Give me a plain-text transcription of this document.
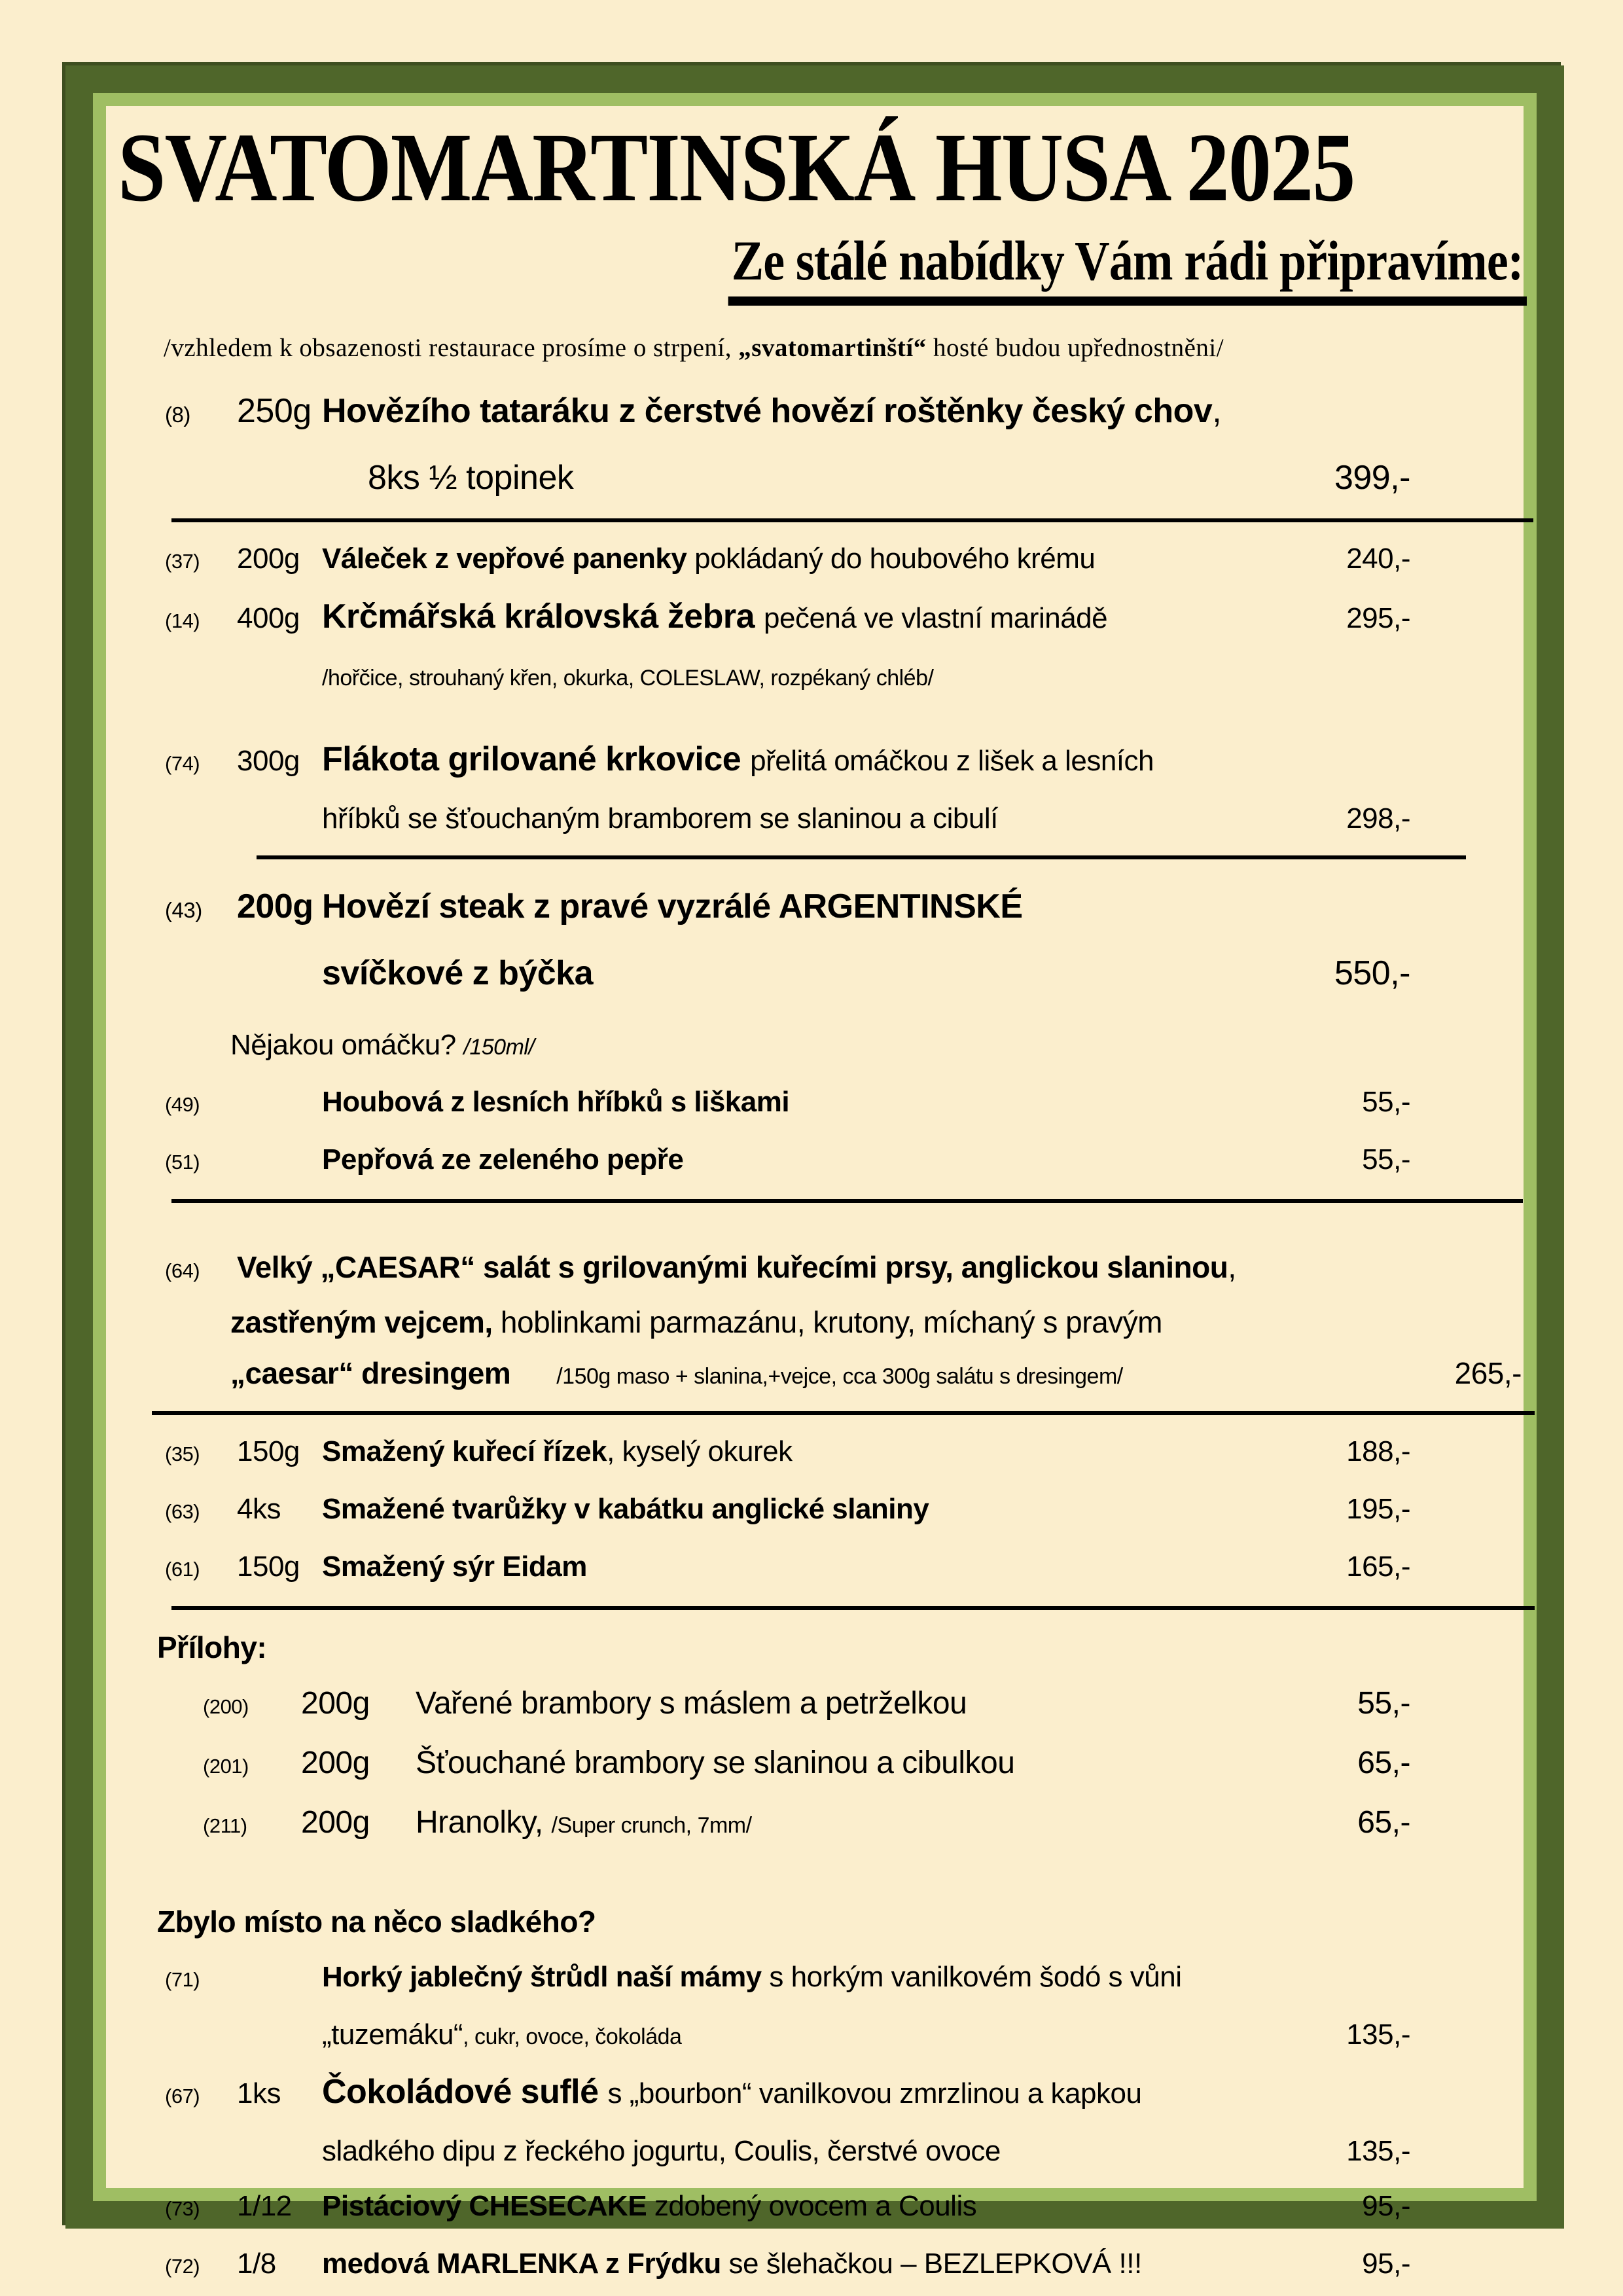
SVATOMARTINSKÁ HUSA 2025
Ze stálé nabídky Vám rádi připravíme:
/vzhledem k obsazenosti restaurace prosíme o strpení, „svatomartinští“ hosté budou upřednostněni/
(8)	250g Hovězího tataráku z čerstvé hovězí roštěnky český chov,
8ks ½ topinek	399,-
(37)	200g Váleček z vepřové panenky pokládaný do houbového krému	240,-
(14)	400g Krčmářská královská žebra pečená ve vlastní marinádě	295,-
/hořčice, strouhaný křen, okurka, COLESLAW, rozpékaný chléb/
(74)	300g Flákota grilované krkovice přelitá omáčkou z lišek a lesních
hříbků se šťouchaným bramborem se slaninou a cibulí	298,-
(43)	200g Hovězí steak z pravé vyzrálé ARGENTINSKÉ
svíčkové z býčka	550,-
Nějakou omáčku? /150ml/
(49)	Houbová z lesních hříbků s liškami	55,-
(51)	Pepřová ze zeleného pepře	55,-
(64)	Velký „CAESAR“ salát s grilovanými kuřecími prsy, anglickou slaninou,
zastřeným vejcem, hoblinkami parmazánu, krutony, míchaný s pravým
„caesar“ dresingem /150g maso + slanina,+vejce, cca 300g salátu s dresingem/	265,-
(35)	150g Smažený kuřecí řízek, kyselý okurek	188,-
(63)	4ks	Smažené tvarůžky v kabátku anglické slaniny	195,-
(61)	150g Smažený sýr Eidam	165,-
Přílohy:
(200)	200g	Vařené brambory s máslem a petrželkou	55,-
(201)	200g	Šťouchané brambory se slaninou a cibulkou	65,-
(211)	200g	Hranolky, /Super crunch, 7mm/	65,-
Zbylo místo na něco sladkého?
(71)	Horký jablečný štrůdl naší mámy s horkým vanilkovém šodó s vůni
„tuzemáku“, cukr, ovoce, čokoláda	135,-
(67)	1ks	Čokoládové suflé s „bourbon“ vanilkovou zmrzlinou a kapkou
sladkého dipu z řeckého jogurtu, Coulis, čerstvé ovoce	135,-
(73)	1/12	Pistáciový CHESECAKE zdobený ovocem a Coulis	95,-
(72)	1/8	medová MARLENKA z Frýdku se šlehačkou – BEZLEPKOVÁ !!!	95,-
